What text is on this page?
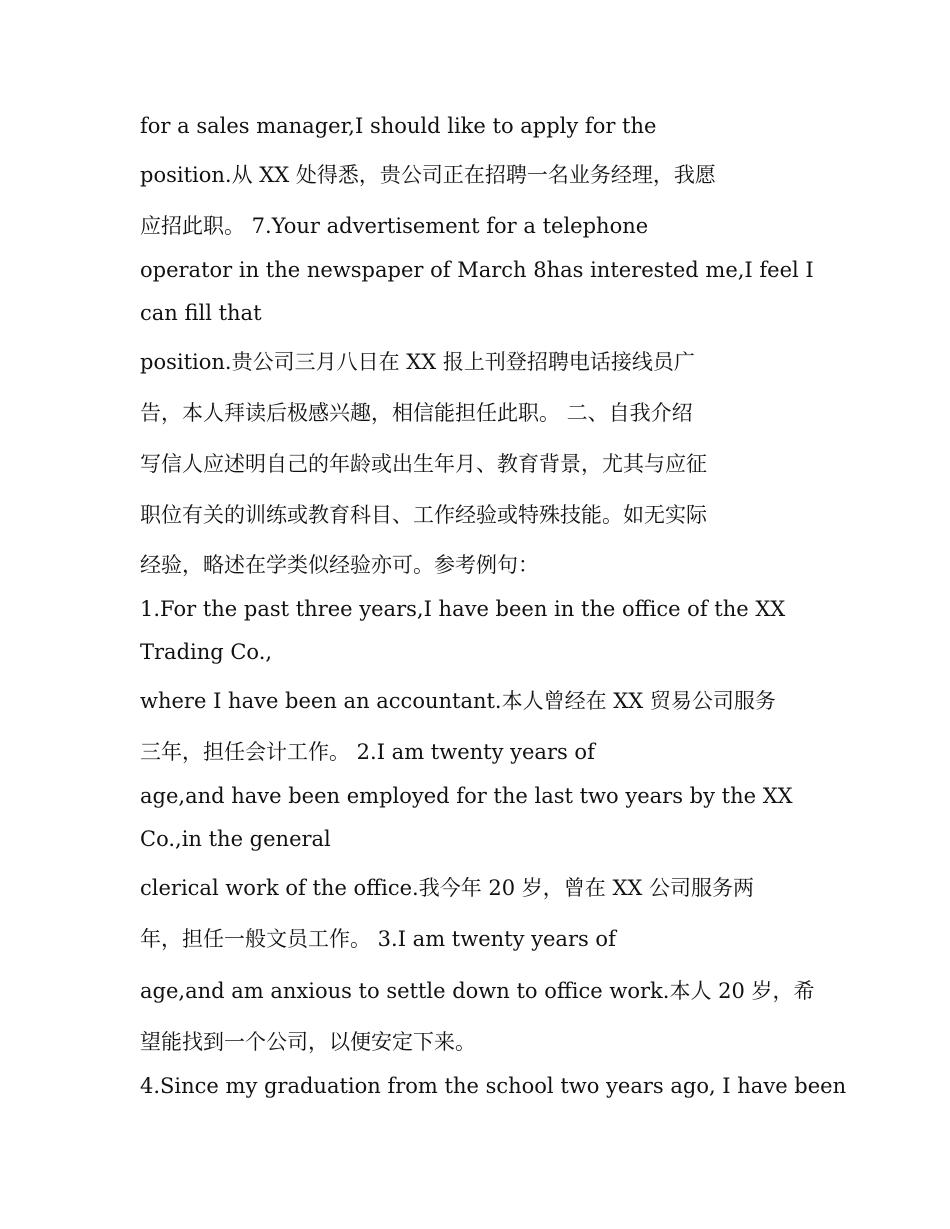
for a sales manager,I should like to apply for the

position.从 XX 处得悉，贵公司正在招聘一名业务经理，我愿

应招此职。 7.Your advertisement for a telephone

operator in the newspaper of March 8has interested me,I feel I

can fill that

position.贵公司三月八日在 XX 报上刊登招聘电话接线员广

告，本人拜读后极感兴趣，相信能担任此职。 二、自我介绍

写信人应述明自己的年龄或出生年月、教育背景，尤其与应征

职位有关的训练或教育科目、工作经验或特殊技能。如无实际

经验，略述在学类似经验亦可。参考例句：

1.For the past three years,I have been in the office of the XX

Trading Co.,

where I have been an accountant.本人曾经在 XX 贸易公司服务

三年，担任会计工作。 2.I am twenty years of

age,and have been employed for the last two years by the XX

Co.,in the general

clerical work of the office.我今年 20 岁，曾在 XX 公司服务两

年，担任一般文员工作。 3.I am twenty years of

age,and am anxious to settle down to office work.本人 20 岁，希

望能找到一个公司，以便安定下来。

4.Since my graduation from the school two years ago, I have been
